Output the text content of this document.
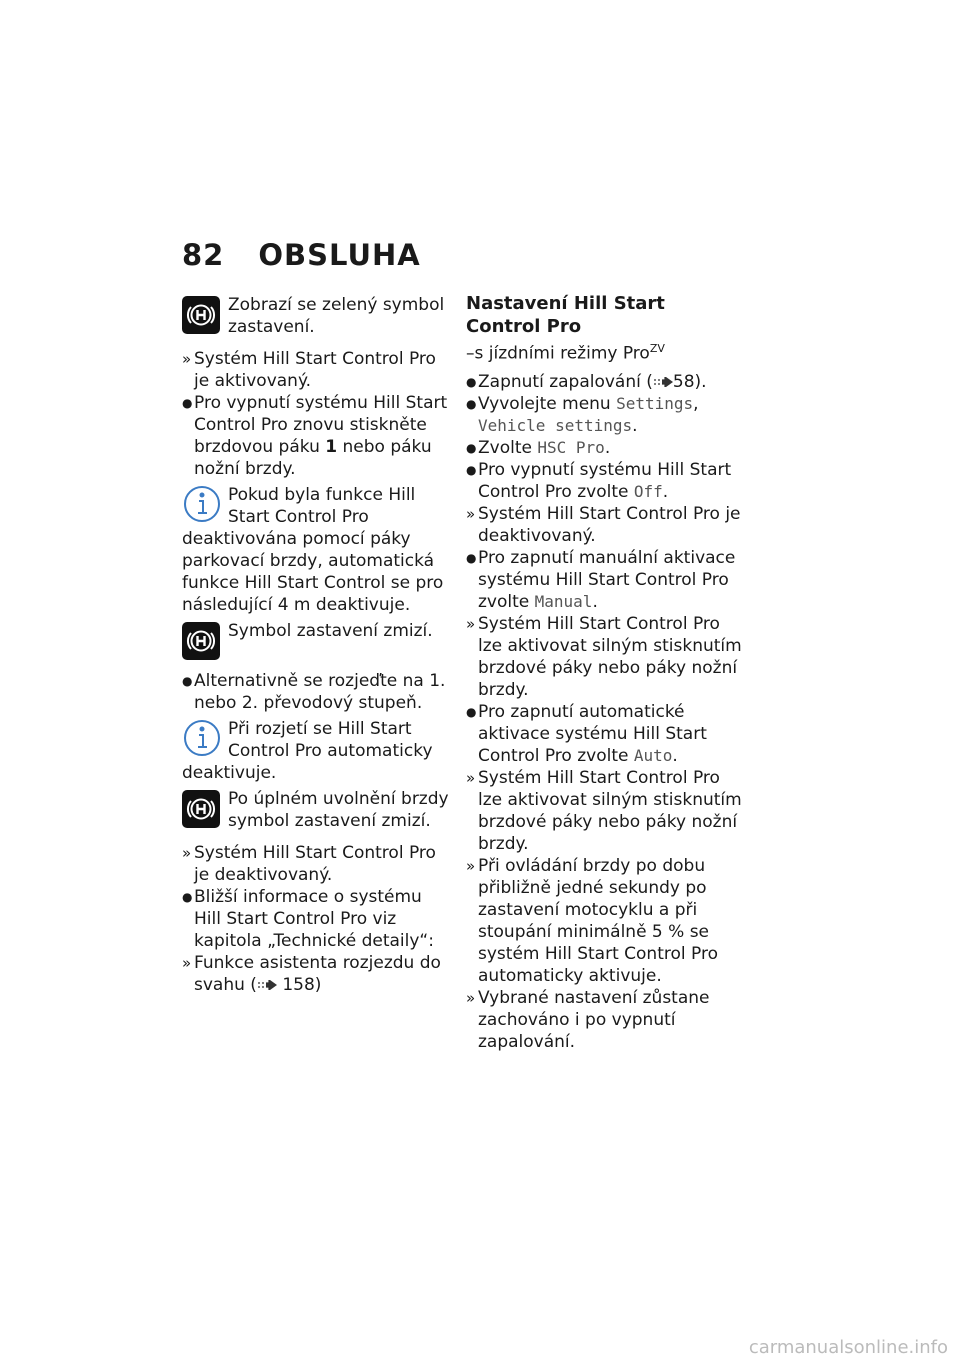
82 OBSLUHA
Zobrazí se zelený symbol zastavení.
» Systém Hill Start Control Pro je aktivovaný.
● Pro vypnutí systému Hill Start Control Pro znovu stiskněte brzdovou páku 1 nebo páku nožní brzdy.
Pokud byla funkce Hill Start Control Pro deaktivována pomocí páky parkovací brzdy, automatická funkce Hill Start Control se pro následující 4 m deaktivuje.
Symbol zastavení zmizí.
● Alternativně se rozjeďte na 1. nebo 2. převodový stupeň.
Při rozjetí se Hill Start Control Pro automaticky deaktivuje.
Po úplném uvolnění brzdy symbol zastavení zmizí.
» Systém Hill Start Control Pro je deaktivovaný.
● Bližší informace o systému Hill Start Control Pro viz kapitola „Technické detaily“:
» Funkce asistenta rozjezdu do svahu ( 158)
Nastavení Hill Start Control Pro
–s jízdními režimy Pro$^{ZV}$
● Zapnutí zapalování ( 58).
● Vyvolejte menu Settings, Vehicle settings.
● Zvolte HSC Pro.
● Pro vypnutí systému Hill Start Control Pro zvolte Off.
» Systém Hill Start Control Pro je deaktivovaný.
● Pro zapnutí manuální aktivace systému Hill Start Control Pro zvolte Manual.
» Systém Hill Start Control Pro lze aktivovat silným stisknutím brzdové páky nebo páky nožní brzdy.
● Pro zapnutí automatické aktivace systému Hill Start Control Pro zvolte Auto.
» Systém Hill Start Control Pro lze aktivovat silným stisknutím brzdové páky nebo páky nožní brzdy.
» Při ovládání brzdy po dobu přibližně jedné sekundy po zastavení motocyklu a při stoupání minimálně 5 % se systém Hill Start Control Pro automaticky aktivuje.
» Vybrané nastavení zůstane zachováno i po vypnutí zapalování.
carmanualsonline.info
